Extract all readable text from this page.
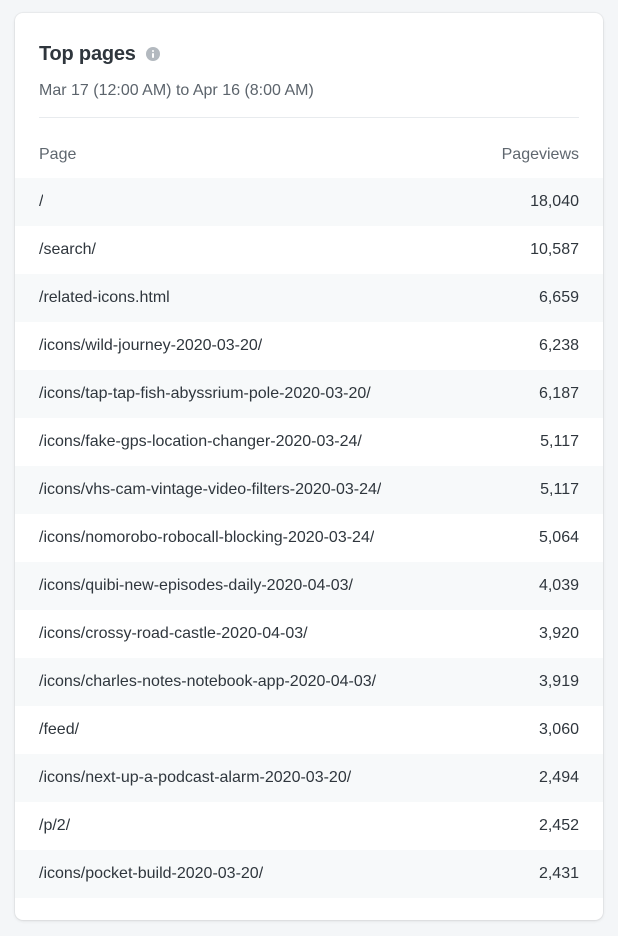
Top pages
Mar 17 (12:00 AM) to Apr 16 (8:00 AM)
Page	Pageviews
/	18,040
/search/	10,587
/related-icons.html	6,659
/icons/wild-journey-2020-03-20/	6,238
/icons/tap-tap-fish-abyssrium-pole-2020-03-20/	6,187
/icons/fake-gps-location-changer-2020-03-24/	5,117
/icons/vhs-cam-vintage-video-filters-2020-03-24/	5,117
/icons/nomorobo-robocall-blocking-2020-03-24/	5,064
/icons/quibi-new-episodes-daily-2020-04-03/	4,039
/icons/crossy-road-castle-2020-04-03/	3,920
/icons/charles-notes-notebook-app-2020-04-03/	3,919
/feed/	3,060
/icons/next-up-a-podcast-alarm-2020-03-20/	2,494
/p/2/	2,452
/icons/pocket-build-2020-03-20/	2,431
